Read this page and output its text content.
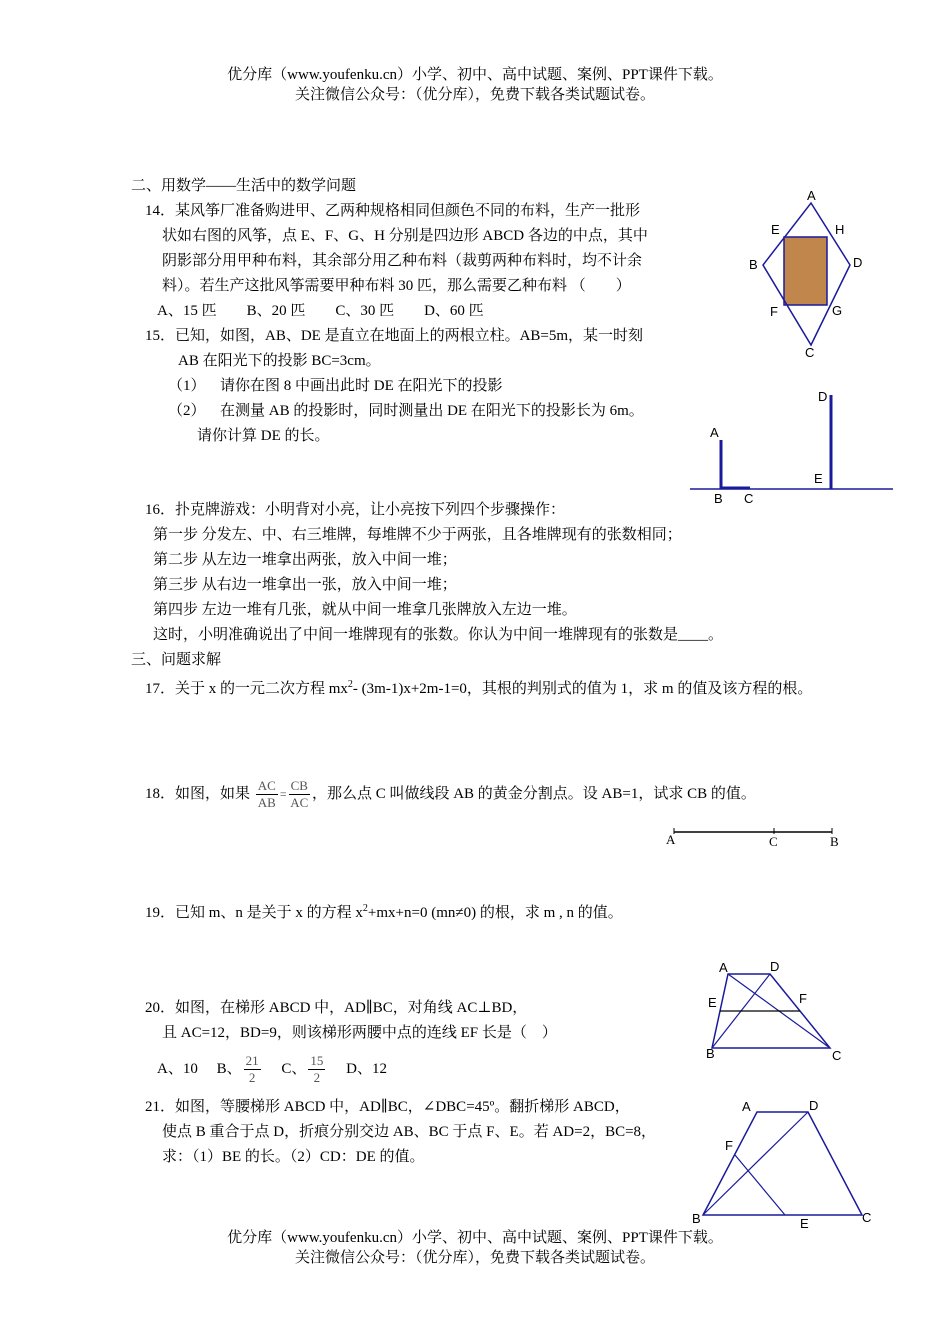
优分库（www.youfenku.cn）小学、初中、高中试题、案例、PPT课件下载。
关注微信公众号：（优分库），免费下载各类试题试卷。
二、用数学——生活中的数学问题
14．某风筝厂准备购进甲、乙两种规格相同但颜色不同的布料，生产一批形
状如右图的风筝，点 E、F、G、H 分别是四边形 ABCD 各边的中点，其中
阴影部分用甲种布料，其余部分用乙种布料（裁剪两种布料时，均不计余
料）。若生产这批风筝需要甲种布料 30 匹，那么需要乙种布料 （　　）
A、15 匹　　B、20 匹　　C、30 匹　　D、60 匹
A
E	H
B	D
F	G
C
15．已知，如图，AB、DE 是直立在地面上的两根立柱。AB=5m，某一时刻
AB 在阳光下的投影 BC=3cm。
（1） 请你在图 8 中画出此时 DE 在阳光下的投影
（2） 在测量 AB 的投影时，同时测量出 DE 在阳光下的投影长为 6m。
请你计算 DE 的长。	A
B C
D
E
16．扑克牌游戏：小明背对小亮，让小亮按下列四个步骤操作：
第一步 分发左、中、右三堆牌，每堆牌不少于两张，且各堆牌现有的张数相同；
第二步 从左边一堆拿出两张，放入中间一堆；
第三步 从右边一堆拿出一张，放入中间一堆；
第四步 左边一堆有几张，就从中间一堆拿几张牌放入左边一堆。
这时，小明准确说出了中间一堆牌现有的张数。你认为中间一堆牌现有的张数是____。
三、问题求解
17．关于 x 的一元二次方程 $mx^2-$ (3m-1)x+2m-1=0，其根的判别式的值为 1，求 m 的值及该方程的根。
18．如图，如果 $\frac{AC}{AB} = \frac{CB}{AC}$ ，那么点 C 叫做线段 AB 的黄金分割点。设 AB=1，试求 CB 的值。
A	C	B
19．已知 m、n 是关于 x 的方程 $x^2+mx+n=0$ (mn≠0) 的根，求 m , n 的值。
20．如图，在梯形 ABCD 中，AD∥BC，对角线 AC⊥BD，
且 AC=12，BD=9，则该梯形两腰中点的连线 EF 长是（　）
A、10 B、 $\frac{21}{2}$ C、 $\frac{15}{2}$ D、12
A	D
E	F
B	C
21．如图，等腰梯形 ABCD 中，AD∥BC，∠DBC=45º。翻折梯形 ABCD，
使点 B 重合于点 D，折痕分别交边 AB、BC 于点 F、E。若 AD=2，BC=8，
求：（1）BE 的长。（2）CD：DE 的值。
A	D
F
B	E	C
优分库（www.youfenku.cn）小学、初中、高中试题、案例、PPT课件下载。
关注微信公众号：（优分库），免费下载各类试题试卷。
